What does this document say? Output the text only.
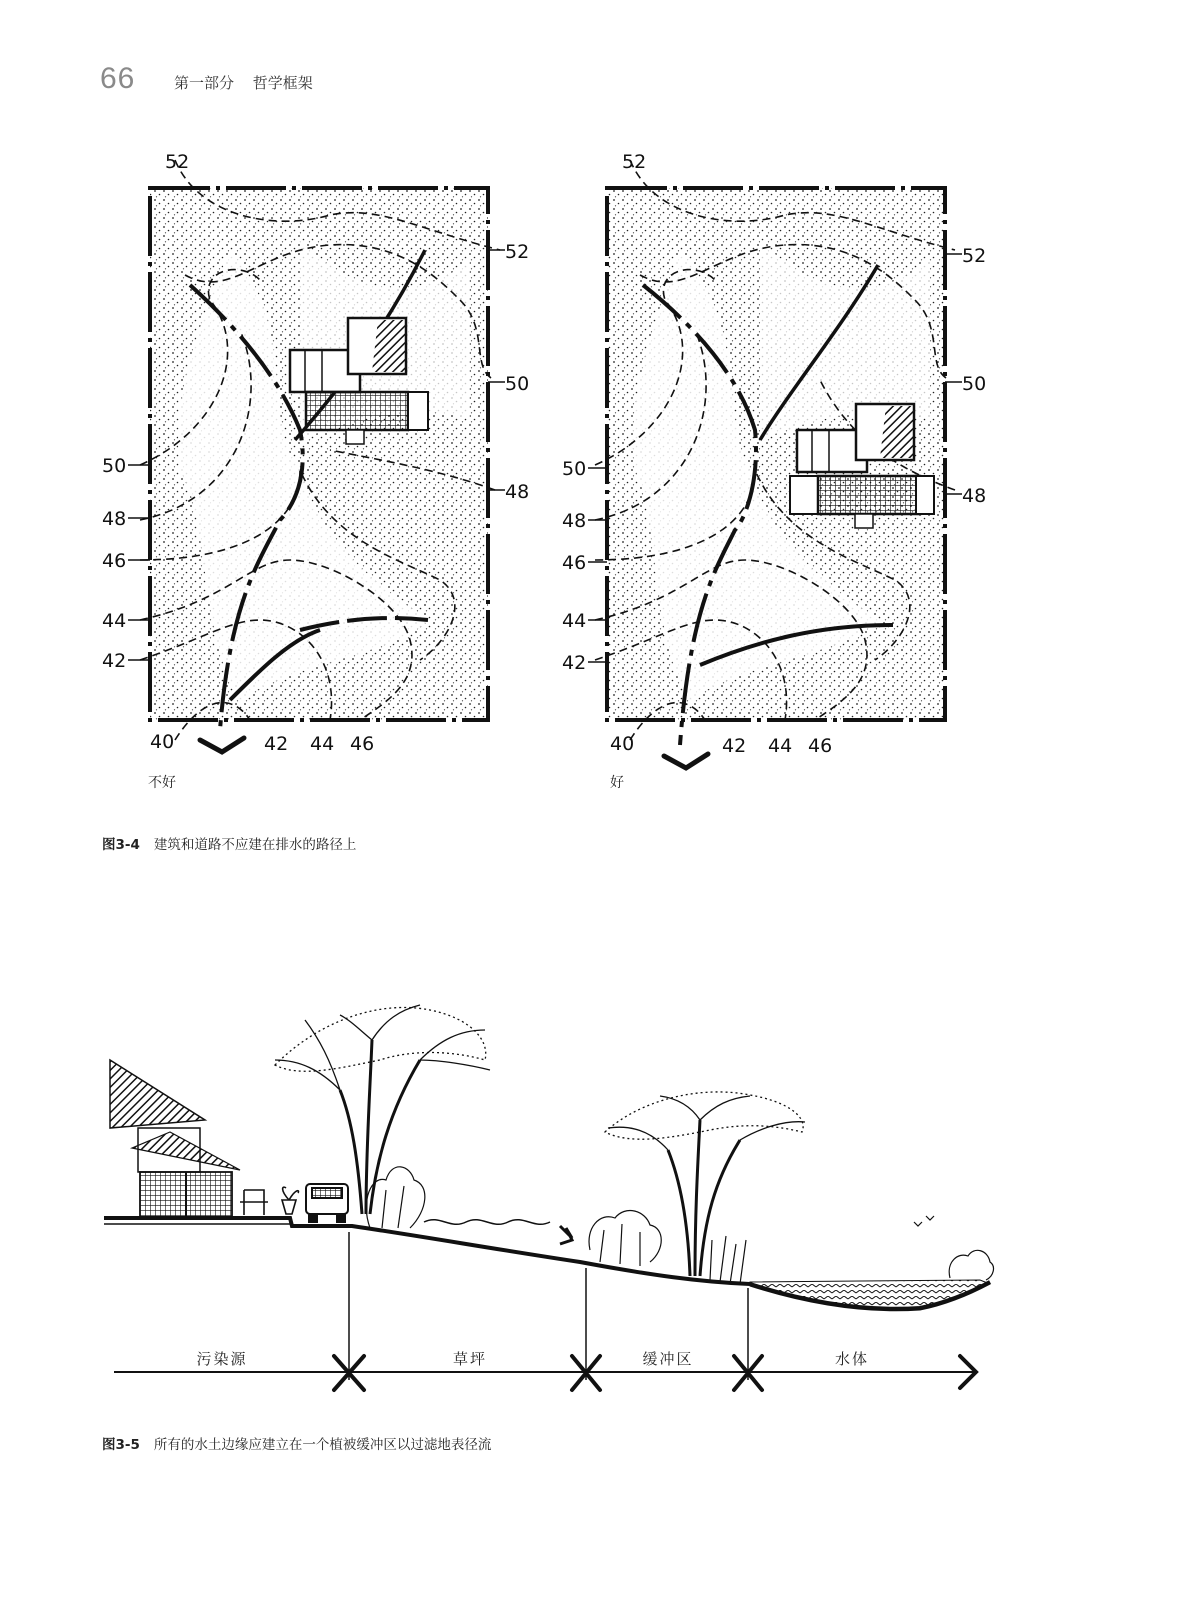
66	第一部分 哲学框架
52
52
50
48
50
48
46
44
42
40	42 44 46
52
52
50
48
50
48
46
44
42
40	42 44 46
不好	好
图3-4 建筑和道路不应建在排水的路径上
污染源	草坪	缓冲区	水体
图3-5 所有的水土边缘应建立在一个植被缓冲区以过滤地表径流
